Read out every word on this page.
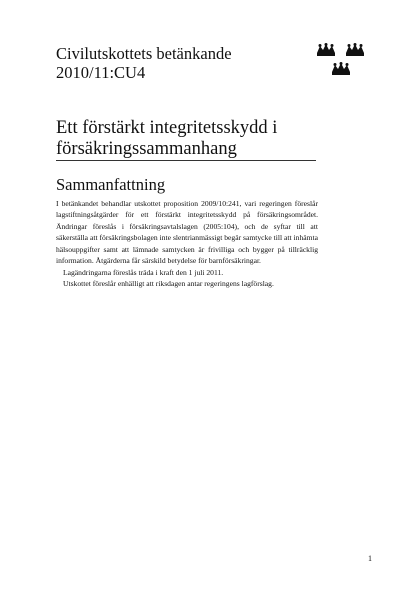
Civilutskottets betänkande
2010/11:CU4
Ett förstärkt integritetsskydd i försäkringssammanhang
Sammanfattning

I betänkandet behandlar utskottet proposition 2009/10:241, vari regeringen föreslår lagstiftningsåtgärder för ett förstärkt integritetsskydd på försäkringsområdet. Ändringar föreslås i försäkringsavtalslagen (2005:104), och de syftar till att säkerställa att försäkringsbolagen inte slentrianmässigt begär samtycke till att inhämta hälsouppgifter samt att lämnade samtycken är frivilliga och bygger på tillräcklig information. Åtgärderna får särskild betydelse för barnförsäkringar.

Lagändringarna föreslås träda i kraft den 1 juli 2011.

Utskottet föreslår enhälligt att riksdagen antar regeringens lagförslag.

1
